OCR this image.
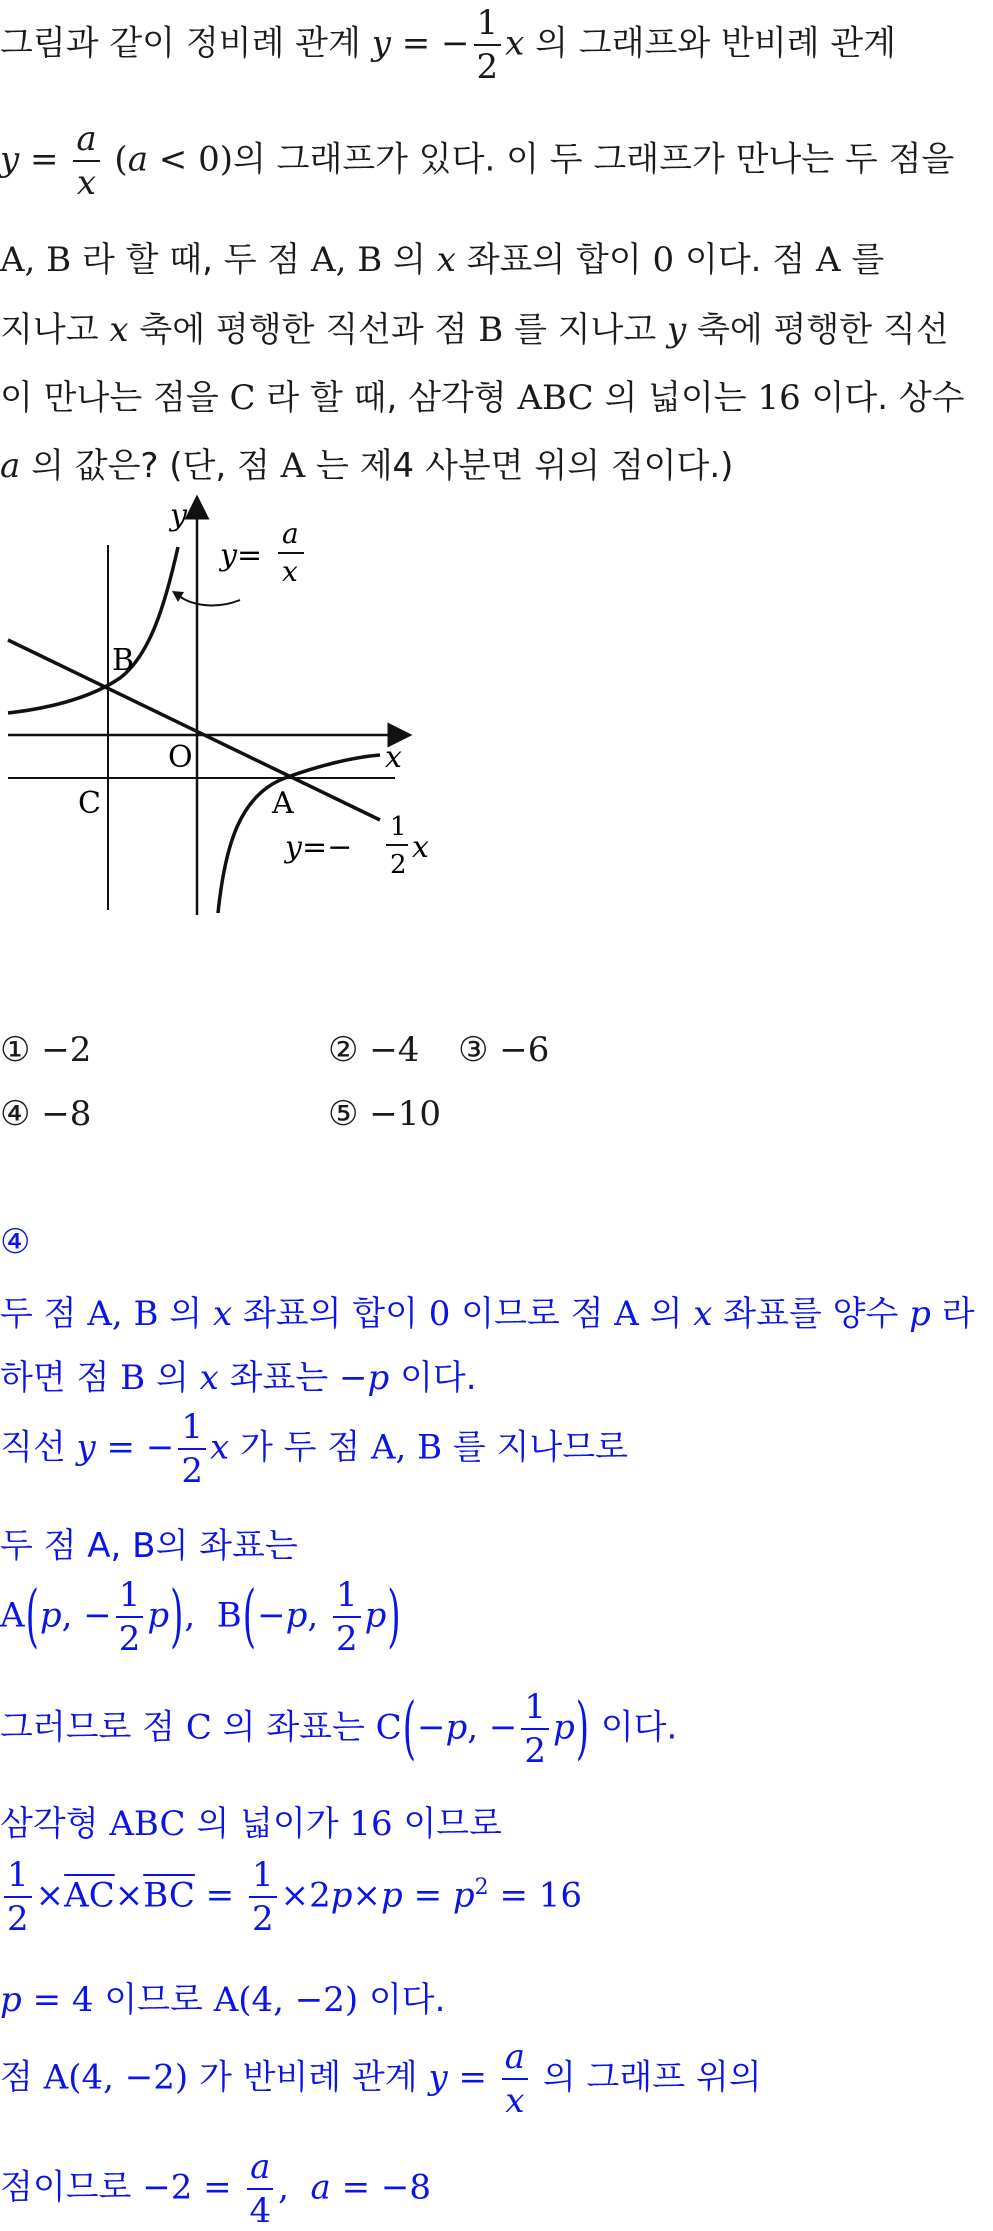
그림과 같이 정비례 관계 y = − $\frac{1}{2}$ x 의 그래프와 반비례 관계
$y = \frac{a}{x} (a < 0)$의 그래프가 있다. 이 두 그래프가 만나는 두 점을
A, B 라 할 때, 두 점 A, B 의 x 좌표의 합이 0 이다. 점 A 를
지나고 x 축에 평행한 직선과 점 B 를 지나고 y 축에 평행한 직선
이 만나는 점을 C 라 할 때, 삼각형 ABC 의 넓이는 16 이다. 상수
a 의 값은? (단, 점 A 는 제4 사분면 위의 점이다.)
y
x
O
B
C	A
y=
a
x
y=−
1
2 x
① −2	② −4 ③ −6
④ −8	⑤ −10
④
두 점 A, B 의 x 좌표의 합이 0 이므로 점 A 의 x 좌표를 양수 p 라
하면 점 B 의 x 좌표는 −p 이다.
직선 y = − $\frac{1}{2}$ x 가 두 점 A, B 를 지나므로
두 점 A, B의 좌표는
A(p, − $\frac{1}{2} p$),  B(−p, $\frac{1}{2} p$)
그러므로 점 C 의 좌표는 C(−p, − $\frac{1}{2} p$) 이다.
삼각형 ABC 의 넓이가 16 이므로
$\frac{1}{2} \times\overline{AC}\times\overline{BC} = \frac{1}{2} \times 2p\times p = p^2 = 16$
p = 4 이므로 A(4, −2) 이다.
점 A(4, −2) 가 반비례 관계 $y = \frac{a}{x}$ 의 그래프 위의
점이므로 $-2 = \frac{a}{4}$ ,  a = −8
